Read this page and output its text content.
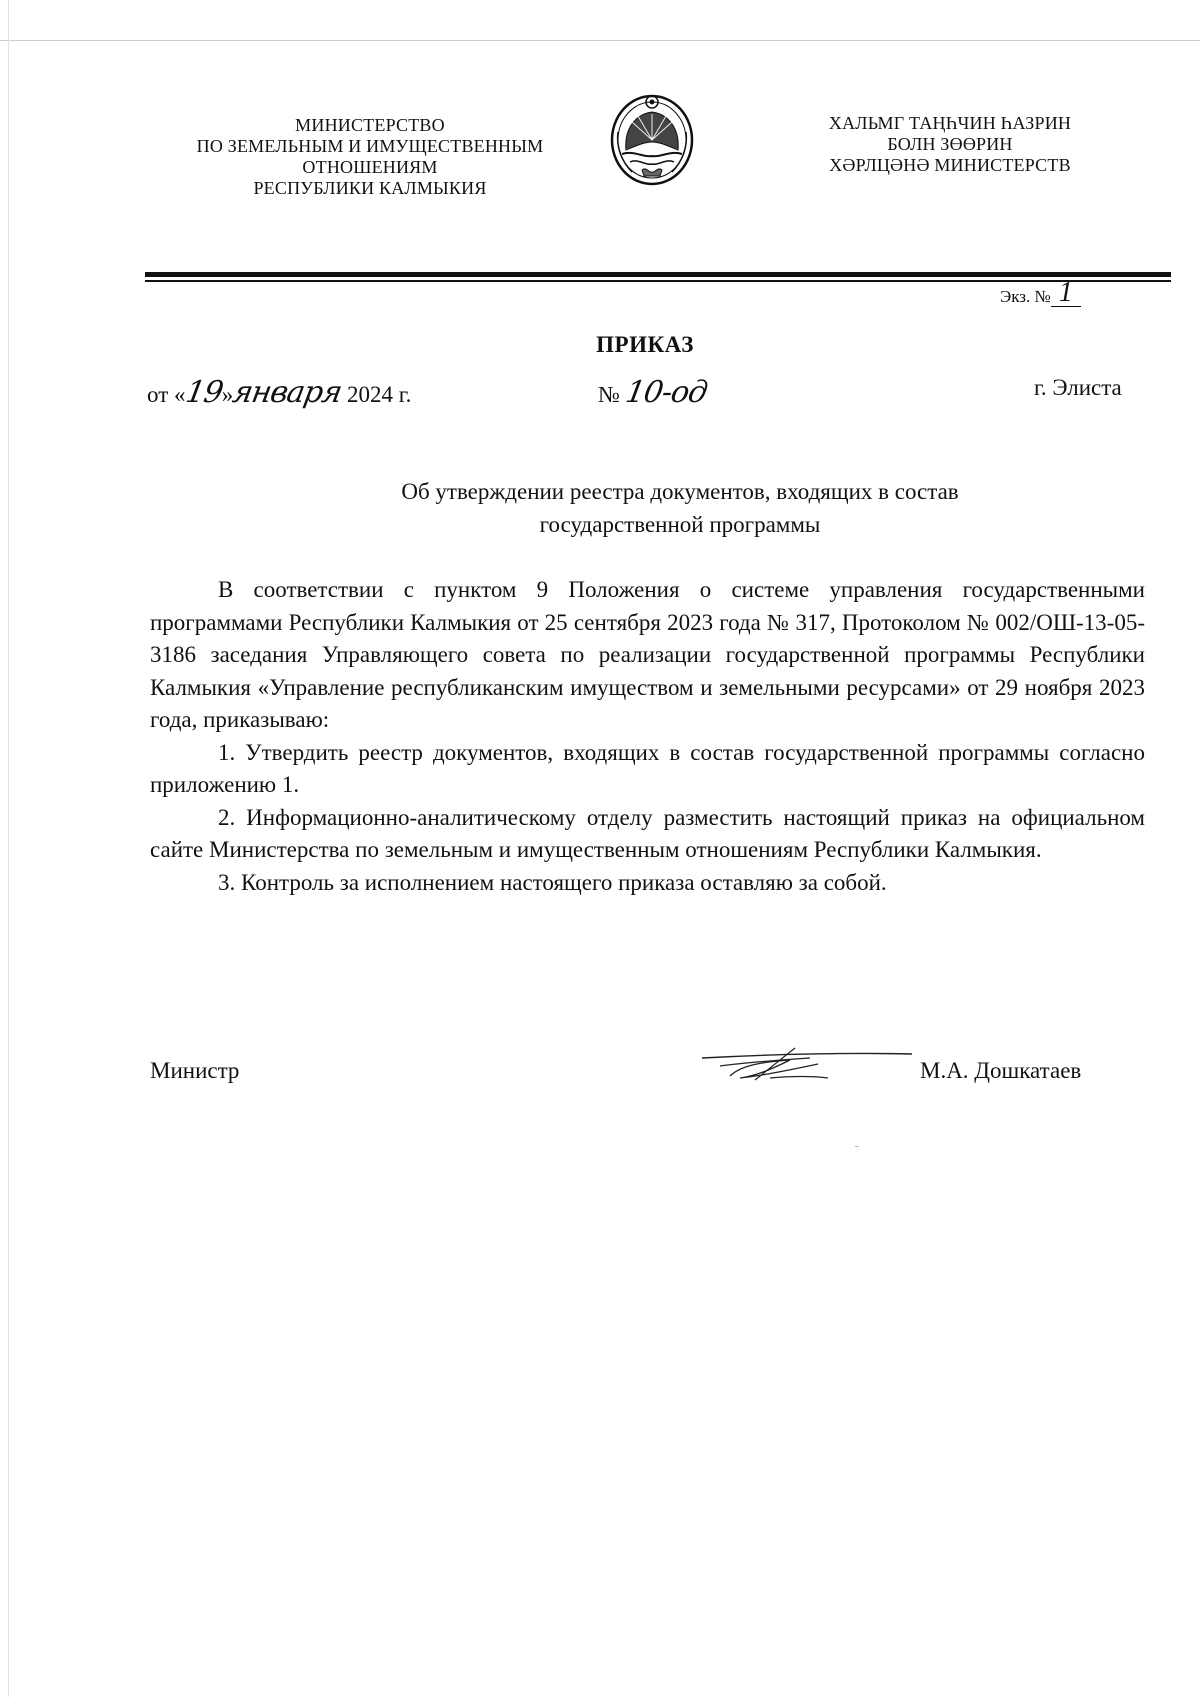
МИНИСТЕРСТВО
ПО ЗЕМЕЛЬНЫМ И ИМУЩЕСТВЕННЫМ
ОТНОШЕНИЯМ
РЕСПУБЛИКИ КАЛМЫКИЯ
ХАЛЬМГ ТАҢҺЧИН ҺАЗРИН
БОЛН ЗӨӨРИН
ХӘРЛЦӘНӘ МИНИСТЕРСТВ
Экз. № 1
ПРИКАЗ
от «19»января 2024 г.	№ 10-од	г. Элиста
Об утверждении реестра документов, входящих в состав
государственной программы

В соответствии с пунктом 9 Положения о системе управления государственными программами Республики Калмыкия от 25 сентября 2023 года № 317, Протоколом № 002/ОШ-13-05-3186 заседания Управляющего совета по реализации государственной программы Республики Калмыкия «Управление республиканским имуществом и земельными ресурсами» от 29 ноября 2023 года, приказываю:

1. Утвердить реестр документов, входящих в состав государственной программы согласно приложению 1.

2. Информационно-аналитическому отделу разместить настоящий приказ на официальном сайте Министерства по земельным и имущественным отношениям Республики Калмыкия.

3. Контроль за исполнением настоящего приказа оставляю за собой.

Министр	М.А. Дошкатаев
